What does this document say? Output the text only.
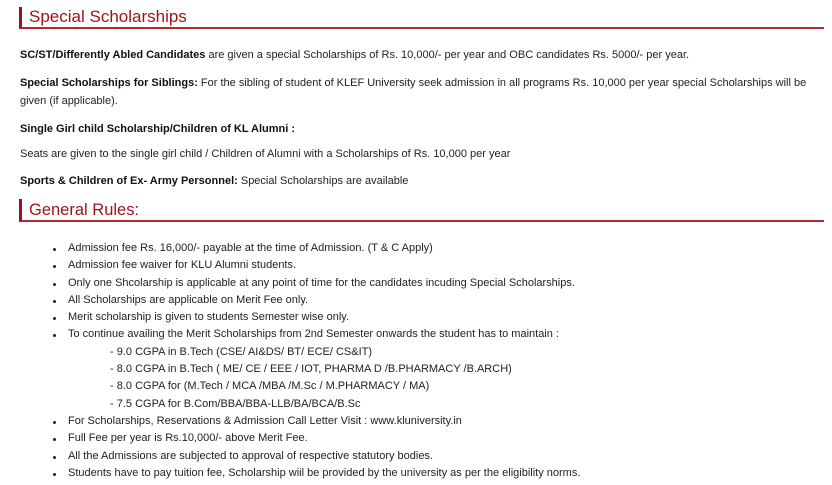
Special Scholarships
SC/ST/Differently Abled Candidates are given a special Scholarships of Rs. 10,000/- per year and OBC candidates Rs. 5000/- per year.
Special Scholarships for Siblings: For the sibling of student of KLEF University seek admission in all programs Rs. 10,000 per year special Scholarships will be given (if applicable).
Single Girl child Scholarship/Children of KL Alumni :
Seats are given to the single girl child / Children of Alumni with a Scholarships of Rs. 10,000 per year
Sports & Children of Ex- Army Personnel: Special Scholarships are available
General Rules:
Admission fee Rs. 16,000/- payable at the time of Admission. (T & C Apply)
Admission fee waiver for KLU Alumni students.
Only one Shcolarship is applicable at any point of time for the candidates incuding Special Scholarships.
All Scholarships are applicable on Merit Fee only.
Merit scholarship is given to students Semester wise only.
To continue availing the Merit Scholarships from 2nd Semester onwards the student has to maintain :
- 9.0 CGPA in B.Tech (CSE/ AI&DS/ BT/ ECE/ CS&IT)
- 8.0 CGPA in B.Tech ( ME/ CE / EEE / IOT, PHARMA D /B.PHARMACY /B.ARCH)
- 8.0 CGPA for (M.Tech / MCA /MBA /M.Sc / M.PHARMACY / MA)
- 7.5 CGPA for B.Com/BBA/BBA-LLB/BA/BCA/B.Sc
For Scholarships, Reservations & Admission Call Letter Visit : www.kluniversity.in
Full Fee per year is Rs.10,000/- above Merit Fee.
All the Admissions are subjected to approval of respective statutory bodies.
Students have to pay tuition fee, Scholarship wiil be provided by the university as per the eligibility norms.
